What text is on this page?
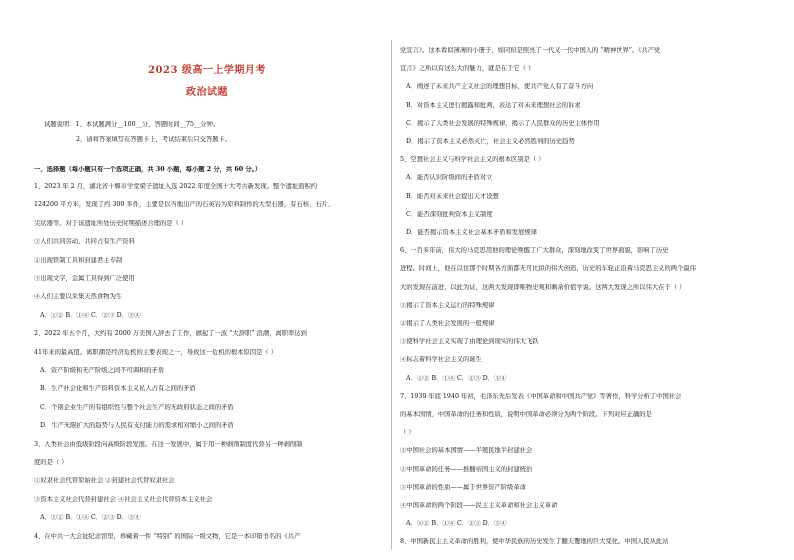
2023 级高一上学期月考
政治试题
试题说明：1、本试题满分__100__分，答题时间__75__分钟。
2、请将答案填写在答题卡上，考试结束后只交答题卡。
一、选择题（每小题只有一个选项正确，共 30 小题，每小题 2 分，共 60 分。）
1、2023 年 2 月，湖北省十堰市学堂梁子遗址入选 2022 年度全国十大考古新发现。整个遗址面积约
124200 平方米，发现了约 300 多件，主要是以当地出产的石英岩为原料制作的大型石器，有石核、石片、
尖状器等。对于该遗址所处历史时期描述合理的是（ ）
①人们共同劳动、共同占有生产资料
②出现铁制工具和封建君主专制
③出现文字，金属工具得到广泛使用
④人们主要以采集天然食物为生
A．①② B．①④ C．②③ D．③④
2、2022 年五个月，大约有 2000 万美国人辞去了工作，掀起了一波 “大辞职” 浪潮，离职率达到
41年来的最高值。离职潮是经济危机的主要表现之一，导致这一危机的根本原因是（ ）
A．资产阶级和无产阶级之间不可调和的矛盾
B．生产社会化和生产资料资本主义私人占有之间的矛盾
C．个别企业生产的有组织性与整个社会生产的无政府状态之间的矛盾
D．生产无限扩大的趋势与人民有支付能力的需求相对缩小之间的矛盾
3、人类社会由低级阶段向高级阶段发展。在这一发展中，属于用一种剥削制度代替另一种剥削制
度的是（ ）
①奴隶社会代替原始社会 ②封建社会代替奴隶社会
③资本主义社会代替封建社会 ④社会主义社会代替资本主义社会
A．①② B．①④ C．②③ D．③④
4、在中共一大会址纪念馆里，珍藏着一件 “特别” 的国际一级文物，它是一本印错书名的《共产
党宣言》。这本看似薄薄的小册子，如同但是照亮了一代又一代中国人的 “精神世界”。《共产党
宣言》之所以有这么大的魅力，就是在于它（ ）
A．阐述了未来共产主义社会的理想目标，使共产党人有了奋斗方向
B．对资本主义进行揭露和批判，表达了对未来理想社会的诉求
C．揭示了人类社会发展的特殊规律，揭示了人民群众的历史主体作用
D．揭示了资本主义必然灭亡，社会主义必然胜利的历史趋势
5、空想社会主义与科学社会主义的根本区别是（ ）
A．能否认识阶级间的矛盾对立
B．能否对未来社会提出天才设想
C．能否深刻批判资本主义制度
D．能否揭示资本主义社会基本矛盾和发展规律
6、一百多年前，伟大的马克思用他的理论唤醒了广大群众，深刻地改变了世界面貌，影响了历史
进程。时间上，他在以往那个时期各方面都无可比拟的伟大创造，历史的车轮正沿着马克思主义的两个最伟
大的发现在前进，以此为证，这两大发现即唯物史观和剩余价值学说。这两大发现之所以伟大在于（ ）
①揭示了资本主义运行的特殊规律
②揭示了人类社会发展的一般规律
③使科学社会主义实现了由理论到现实的伟大飞跃
④标志着科学社会主义的诞生
A．①② B．①④ C．②③ D．③④
7、1939 年底 1940 年初，毛泽东先后发表《中国革命和中国共产党》等著作，科学分析了中国社会
的基本国情、中国革命的任务和性质，说明中国革命必须分为两个阶段。下列对应正确的是
（ ）
①中国社会的基本国情——半殖民地半封建社会
②中国革命的任务——推翻帝国主义的封建统治
③中国革命的性质——属于世界资产阶级革命
④中国革命的两个阶段——民主主义革命和社会主义革命
A．①② B．①④ C．②③ D．③④
8、中国新民主主义革命的胜利，使中华民族的历史发生了翻天覆地的巨大变化。中国人民从此站
